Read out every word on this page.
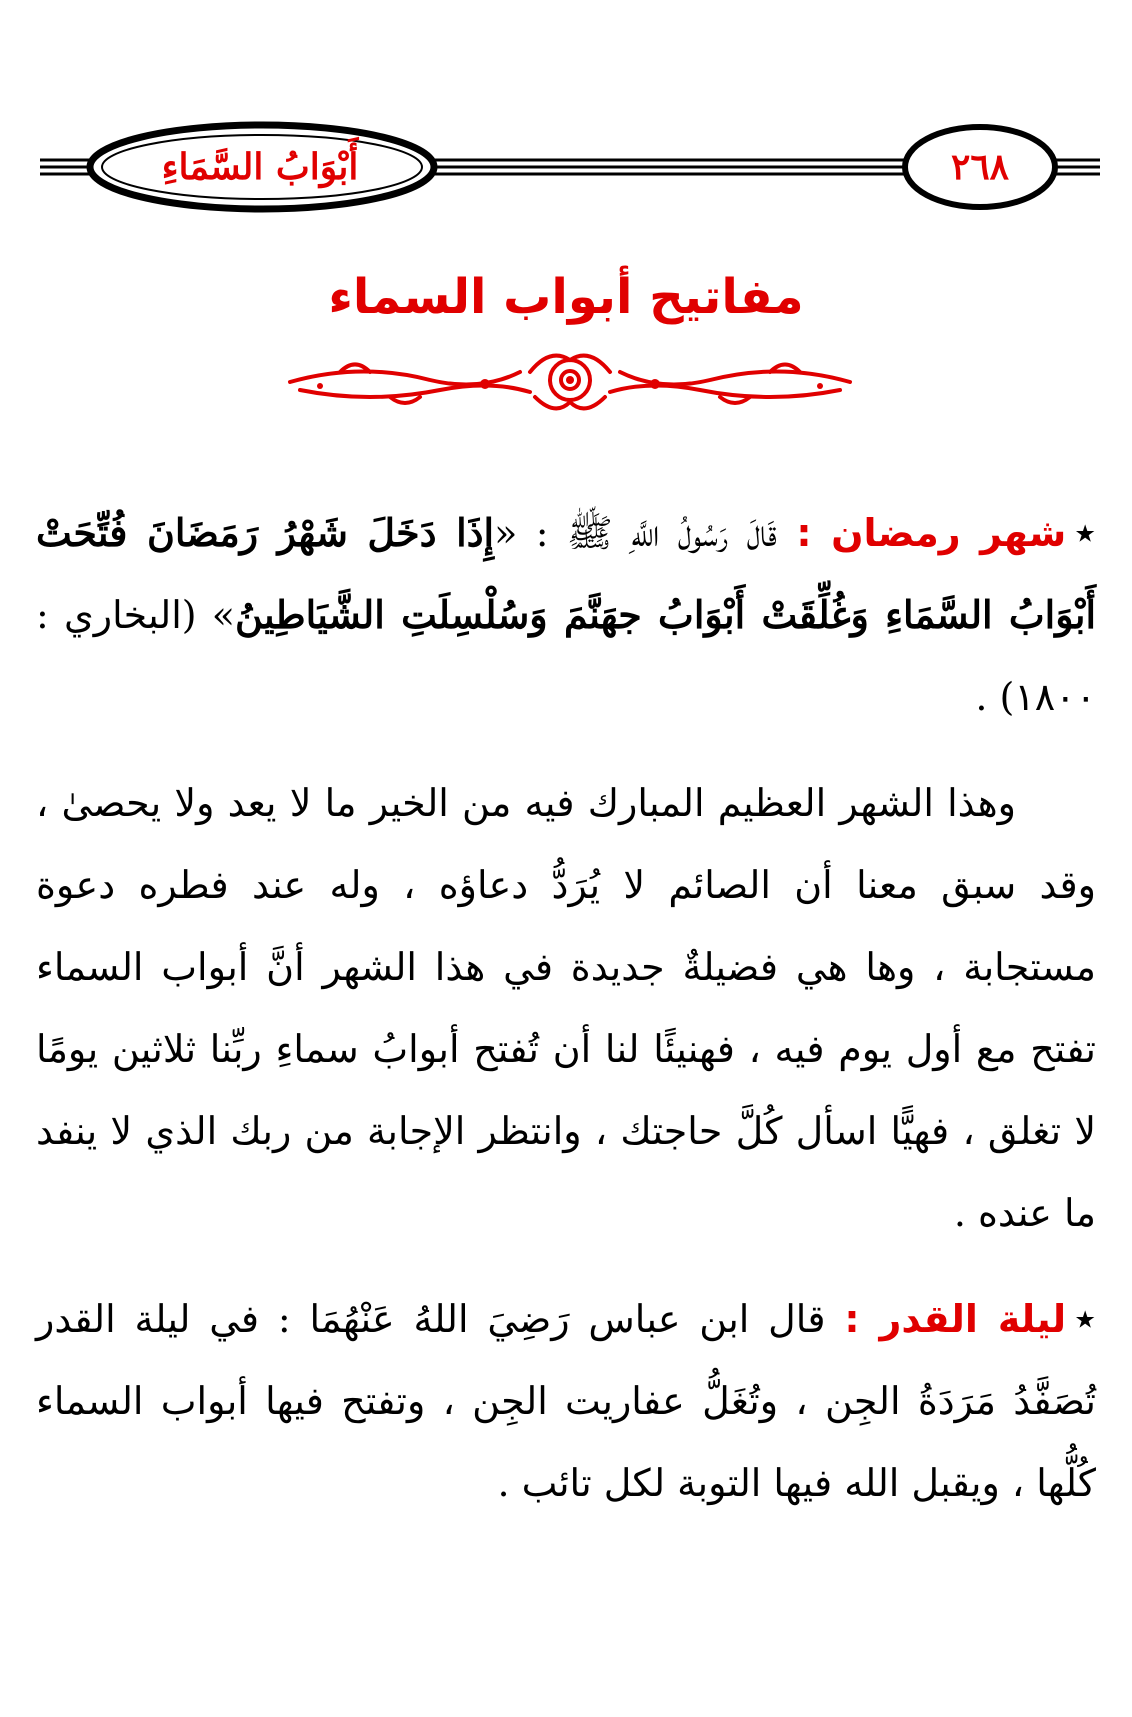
أَبْوَابُ السَّمَاءِ	٢٦٨
مفاتيح أبواب السماء

٭شهر رمضان : قَالَ رَسُولُ اللَّهِ ﷺ : «إِذَا دَخَلَ شَهْرُ رَمَضَانَ فُتِّحَتْ أَبْوَابُ السَّمَاءِ وَغُلِّقَتْ أَبْوَابُ جهَنَّمَ وَسُلْسِلَتِ الشَّيَاطِينُ» (البخاري : ١٨٠٠) .

وهذا الشهر العظيم المبارك فيه من الخير ما لا يعد ولا يحصىٰ ، وقد سبق معنا أن الصائم لا يُرَدُّ دعاؤه ، وله عند فطره دعوة مستجابة ، وها هي فضيلةٌ جديدة في هذا الشهر أنَّ أبواب السماء تفتح مع أول يوم فيه ، فهنيئًا لنا أن تُفتح أبوابُ سماءِ ربِّنا ثلاثين يومًا لا تغلق ، فهيًّا اسأل كُلَّ حاجتك ، وانتظر الإجابة من ربك الذي لا ينفد ما عنده .

٭ليلة القدر : قال ابن عباس رَضِيَ اللهُ عَنْهُمَا : في ليلة القدر تُصَفَّدُ مَرَدَةُ الجِن ، وتُغَلُّ عفاريت الجِن ، وتفتح فيها أبواب السماء كُلُّها ، ويقبل الله فيها التوبة لكل تائب .
